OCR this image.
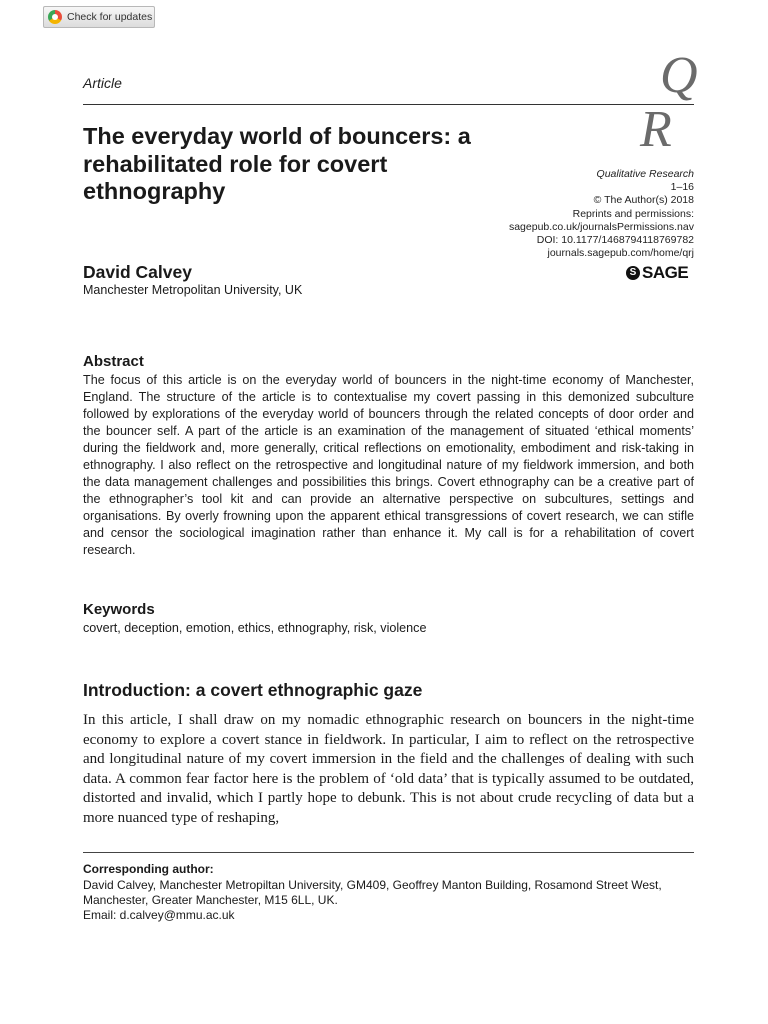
Check for updates
Article	Q
R
The everyday world of bouncers: a rehabilitated role for covert ethnography
Qualitative Research
1–16
© The Author(s) 2018
Reprints and permissions:
sagepub.co.uk/journalsPermissions.nav
DOI: 10.1177/1468794118769782
journals.sagepub.com/home/qrj
S SAGE
David Calvey
Manchester Metropolitan University, UK
Abstract
The focus of this article is on the everyday world of bouncers in the night-time economy of Manchester, England. The structure of the article is to contextualise my covert passing in this demonized subculture followed by explorations of the everyday world of bouncers through the related concepts of door order and the bouncer self. A part of the article is an examination of the management of situated ‘ethical moments’ during the fieldwork and, more generally, critical reflections on emotionality, embodiment and risk-taking in ethnography. I also reflect on the retrospective and longitudinal nature of my fieldwork immersion, and both the data management challenges and possibilities this brings. Covert ethnography can be a creative part of the ethnographer’s tool kit and can provide an alternative perspective on subcultures, settings and organisations. By overly frowning upon the apparent ethical transgressions of covert research, we can stifle and censor the sociological imagination rather than enhance it. My call is for a rehabilitation of covert research.
Keywords
covert, deception, emotion, ethics, ethnography, risk, violence
Introduction: a covert ethnographic gaze
In this article, I shall draw on my nomadic ethnographic research on bouncers in the night-time economy to explore a covert stance in fieldwork. In particular, I aim to reflect on the retrospective and longitudinal nature of my covert immersion in the field and the challenges of dealing with such data. A common fear factor here is the problem of ‘old data’ that is typically assumed to be outdated, distorted and invalid, which I partly hope to debunk. This is not about crude recycling of data but a more nuanced type of reshaping,
Corresponding author:
David Calvey, Manchester Metropiltan University, GM409, Geoffrey Manton Building, Rosamond Street West, Manchester, Greater Manchester, M15 6LL, UK.
Email: d.calvey@mmu.ac.uk
